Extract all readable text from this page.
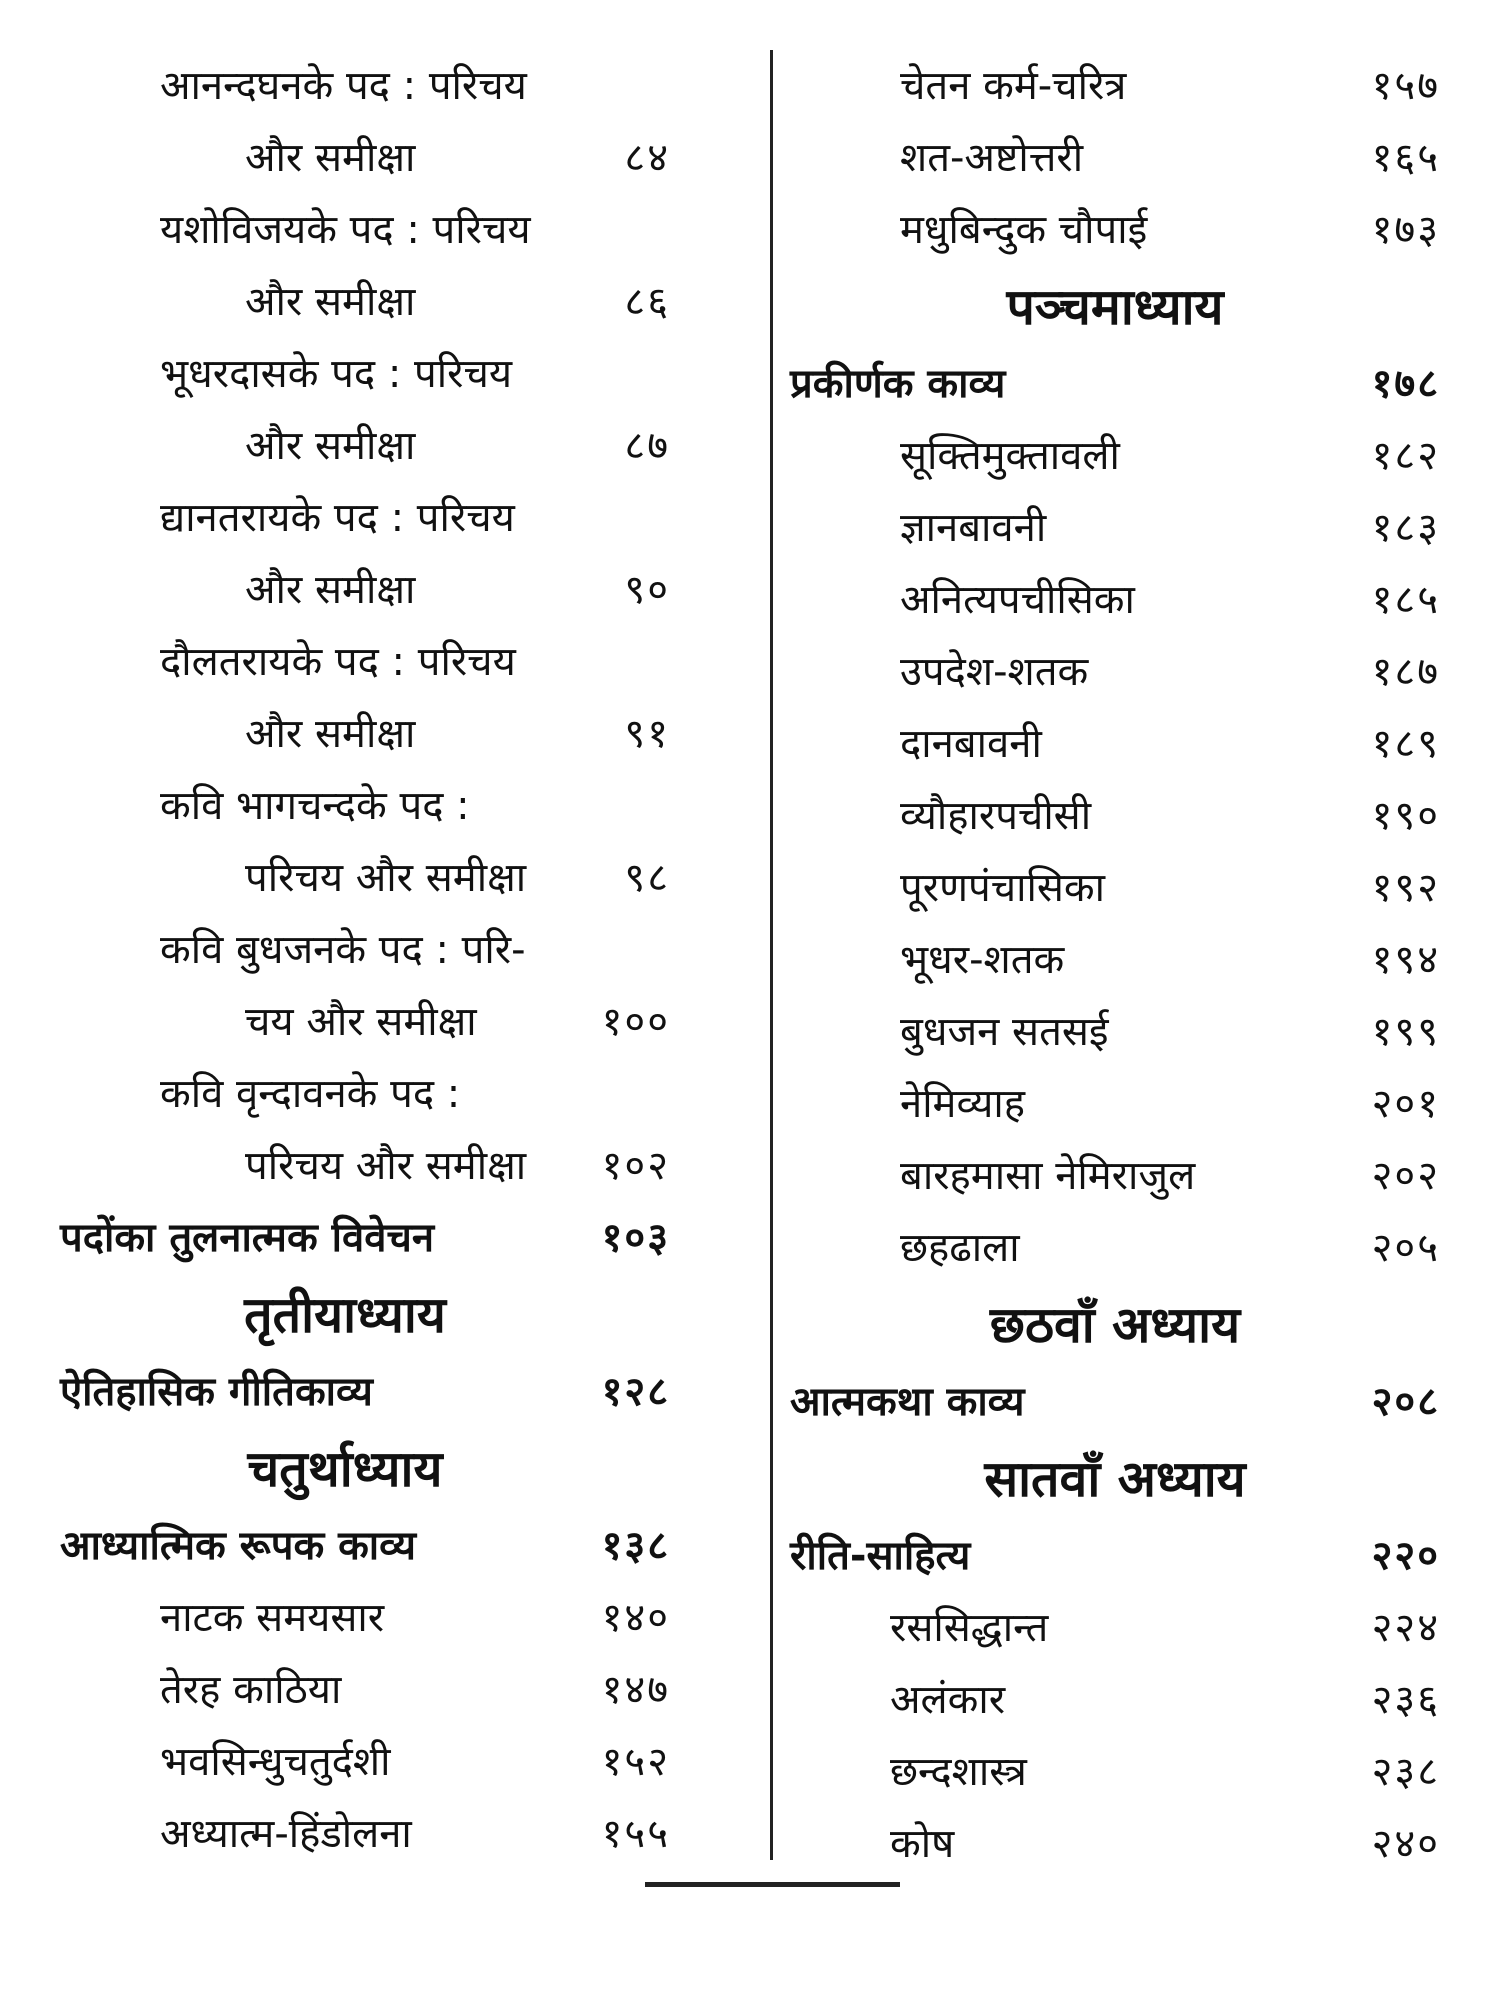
आनन्दघनके पद : परिचय
और समीक्षा	८४
यशोविजयके पद : परिचय
और समीक्षा	८६
भूधरदासके पद : परिचय
और समीक्षा	८७
द्यानतरायके पद : परिचय
और समीक्षा	९०
दौलतरायके पद : परिचय
और समीक्षा	९१
कवि भागचन्दके पद :
परिचय और समीक्षा ९८
कवि बुधजनके पद : परि-
चय और समीक्षा	१००
कवि वृन्दावनके पद :
परिचय और समीक्षा १०२
पदोंका तुलनात्मक विवेचन	१०३
तृतीयाध्याय
ऐतिहासिक गीतिकाव्य	१२८
चतुर्थाध्याय
आध्यात्मिक रूपक काव्य	१३८
नाटक समयसार	१४०
तेरह काठिया	१४७
भवसिन्धुचतुर्दशी	१५२
अध्यात्म-हिंडोलना	१५५
चेतन कर्म-चरित्र	१५७
शत-अष्टोत्तरी	१६५
मधुबिन्दुक चौपाई	१७३
पञ्चमाध्याय
प्रकीर्णक काव्य	१७८
सूक्तिमुक्तावली	१८२
ज्ञानबावनी	१८३
अनित्यपचीसिका	१८५
उपदेश-शतक	१८७
दानबावनी	१८९
व्यौहारपचीसी	१९०
पूरणपंचासिका	१९२
भूधर-शतक	१९४
बुधजन सतसई	१९९
नेमिव्याह	२०१
बारहमासा नेमिराजुल	२०२
छहढाला	२०५
छठवाँ अध्याय
आत्मकथा काव्य	२०८
सातवाँ अध्याय
रीति-साहित्य	२२०
रससिद्धान्त	२२४
अलंकार	२३६
छन्दशास्त्र	२३८
कोष	२४०
